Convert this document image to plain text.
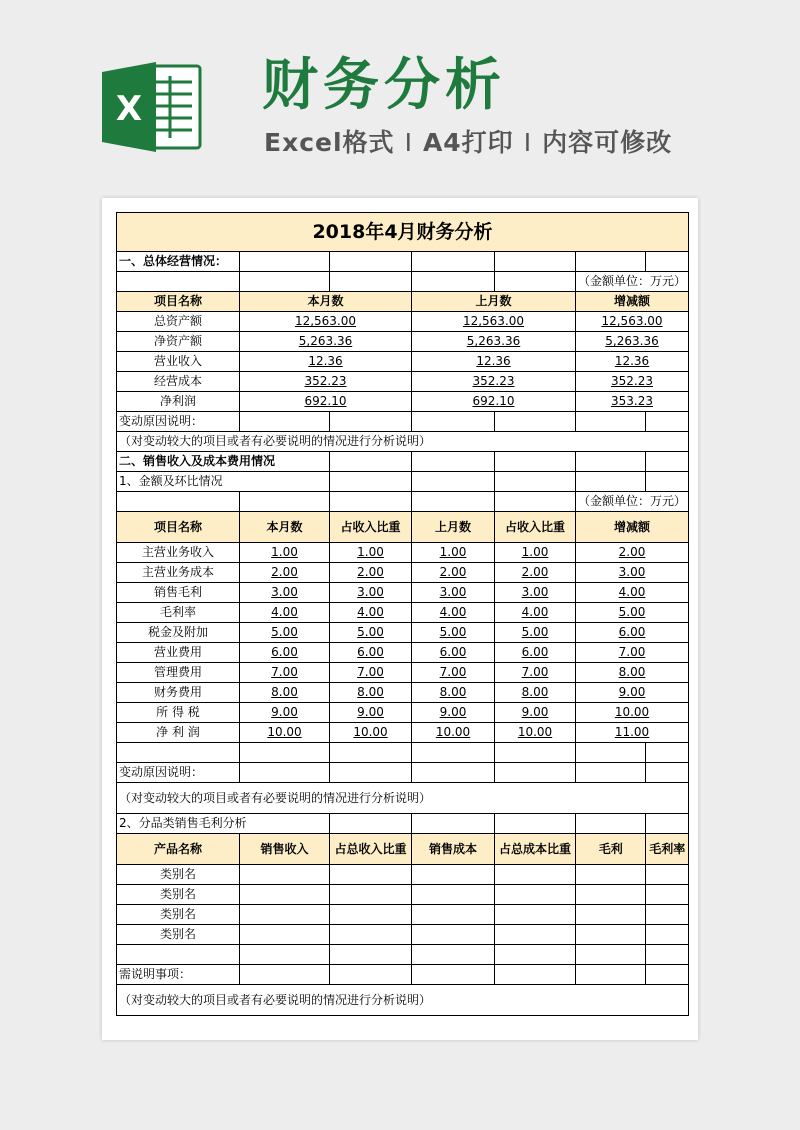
X 财务分析
Excel格式 I A4打印 I 内容可修改
2018年4月财务分析						
一、总体经营情况：						
					（金额单位：万元）	
项目名称	本月数		上月数		增减额	
总资产额	12,563.00		12,563.00		12,563.00	
净资产额	5,263.36		5,263.36		5,263.36	
营业收入	12.36		12.36		12.36	
经营成本	352.23		352.23		352.23	
净利润	692.10		692.10		353.23	
变动原因说明：						
（对变动较大的项目或者有必要说明的情况进行分析说明）						
二、销售收入及成本费用情况						
1、金额及环比情况						
					（金额单位：万元）	
项目名称	本月数	占收入比重	上月数	占收入比重	增减额	
主营业务收入	1.00	1.00	1.00	1.00	2.00	
主营业务成本	2.00	2.00	2.00	2.00	3.00	
销售毛利	3.00	3.00	3.00	3.00	4.00	
毛利率	4.00	4.00	4.00	4.00	5.00	
税金及附加	5.00	5.00	5.00	5.00	6.00	
营业费用	6.00	6.00	6.00	6.00	7.00	
管理费用	7.00	7.00	7.00	7.00	8.00	
财务费用	8.00	8.00	8.00	8.00	9.00	
所 得 税	9.00	9.00	9.00	9.00	10.00	
净 利 润	10.00	10.00	10.00	10.00	11.00	

变动原因说明：						
（对变动较大的项目或者有必要说明的情况进行分析说明）						
2、分品类销售毛利分析						
产品名称	销售收入	占总收入比重	销售成本	占总成本比重	毛利	毛利率
类别名						
类别名						
类别名						
类别名						

需说明事项：						
（对变动较大的项目或者有必要说明的情况进行分析说明）						
